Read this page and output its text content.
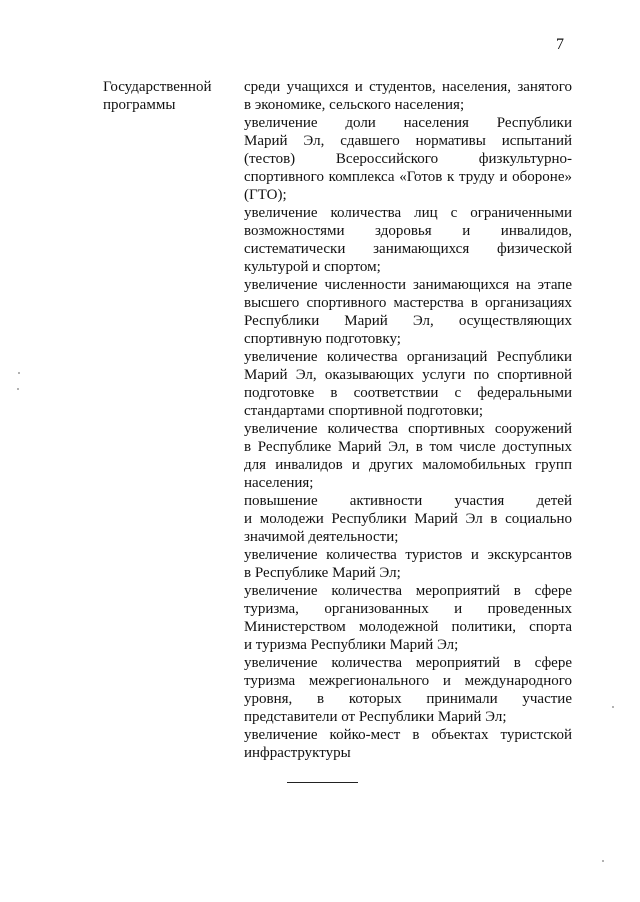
7
Государственной
программы

среди учащихся и студентов, населения, занятого
в экономике, сельского населения;

увеличение доли населения Республики
Марий Эл, сдавшего нормативы испытаний
(тестов) Всероссийского физкультурно-
спортивного комплекса «Готов к труду и обороне»
(ГТО);

увеличение количества лиц с ограниченными
возможностями здоровья и инвалидов,
систематически занимающихся физической
культурой и спортом;

увеличение численности занимающихся на этапе
высшего спортивного мастерства в организациях
Республики Марий Эл, осуществляющих
спортивную подготовку;

увеличение количества организаций Республики
Марий Эл, оказывающих услуги по спортивной
подготовке в соответствии с федеральными
стандартами спортивной подготовки;

увеличение количества спортивных сооружений
в Республике Марий Эл, в том числе доступных
для инвалидов и других маломобильных групп
населения;

повышение активности участия детей
и молодежи Республики Марий Эл в социально
значимой деятельности;

увеличение количества туристов и экскурсантов
в Республике Марий Эл;

увеличение количества мероприятий в сфере
туризма, организованных и проведенных
Министерством молодежной политики, спорта
и туризма Республики Марий Эл;

увеличение количества мероприятий в сфере
туризма межрегионального и международного
уровня, в которых принимали участие
представители от Республики Марий Эл;

увеличение койко-мест в объектах туристской
инфраструктуры
